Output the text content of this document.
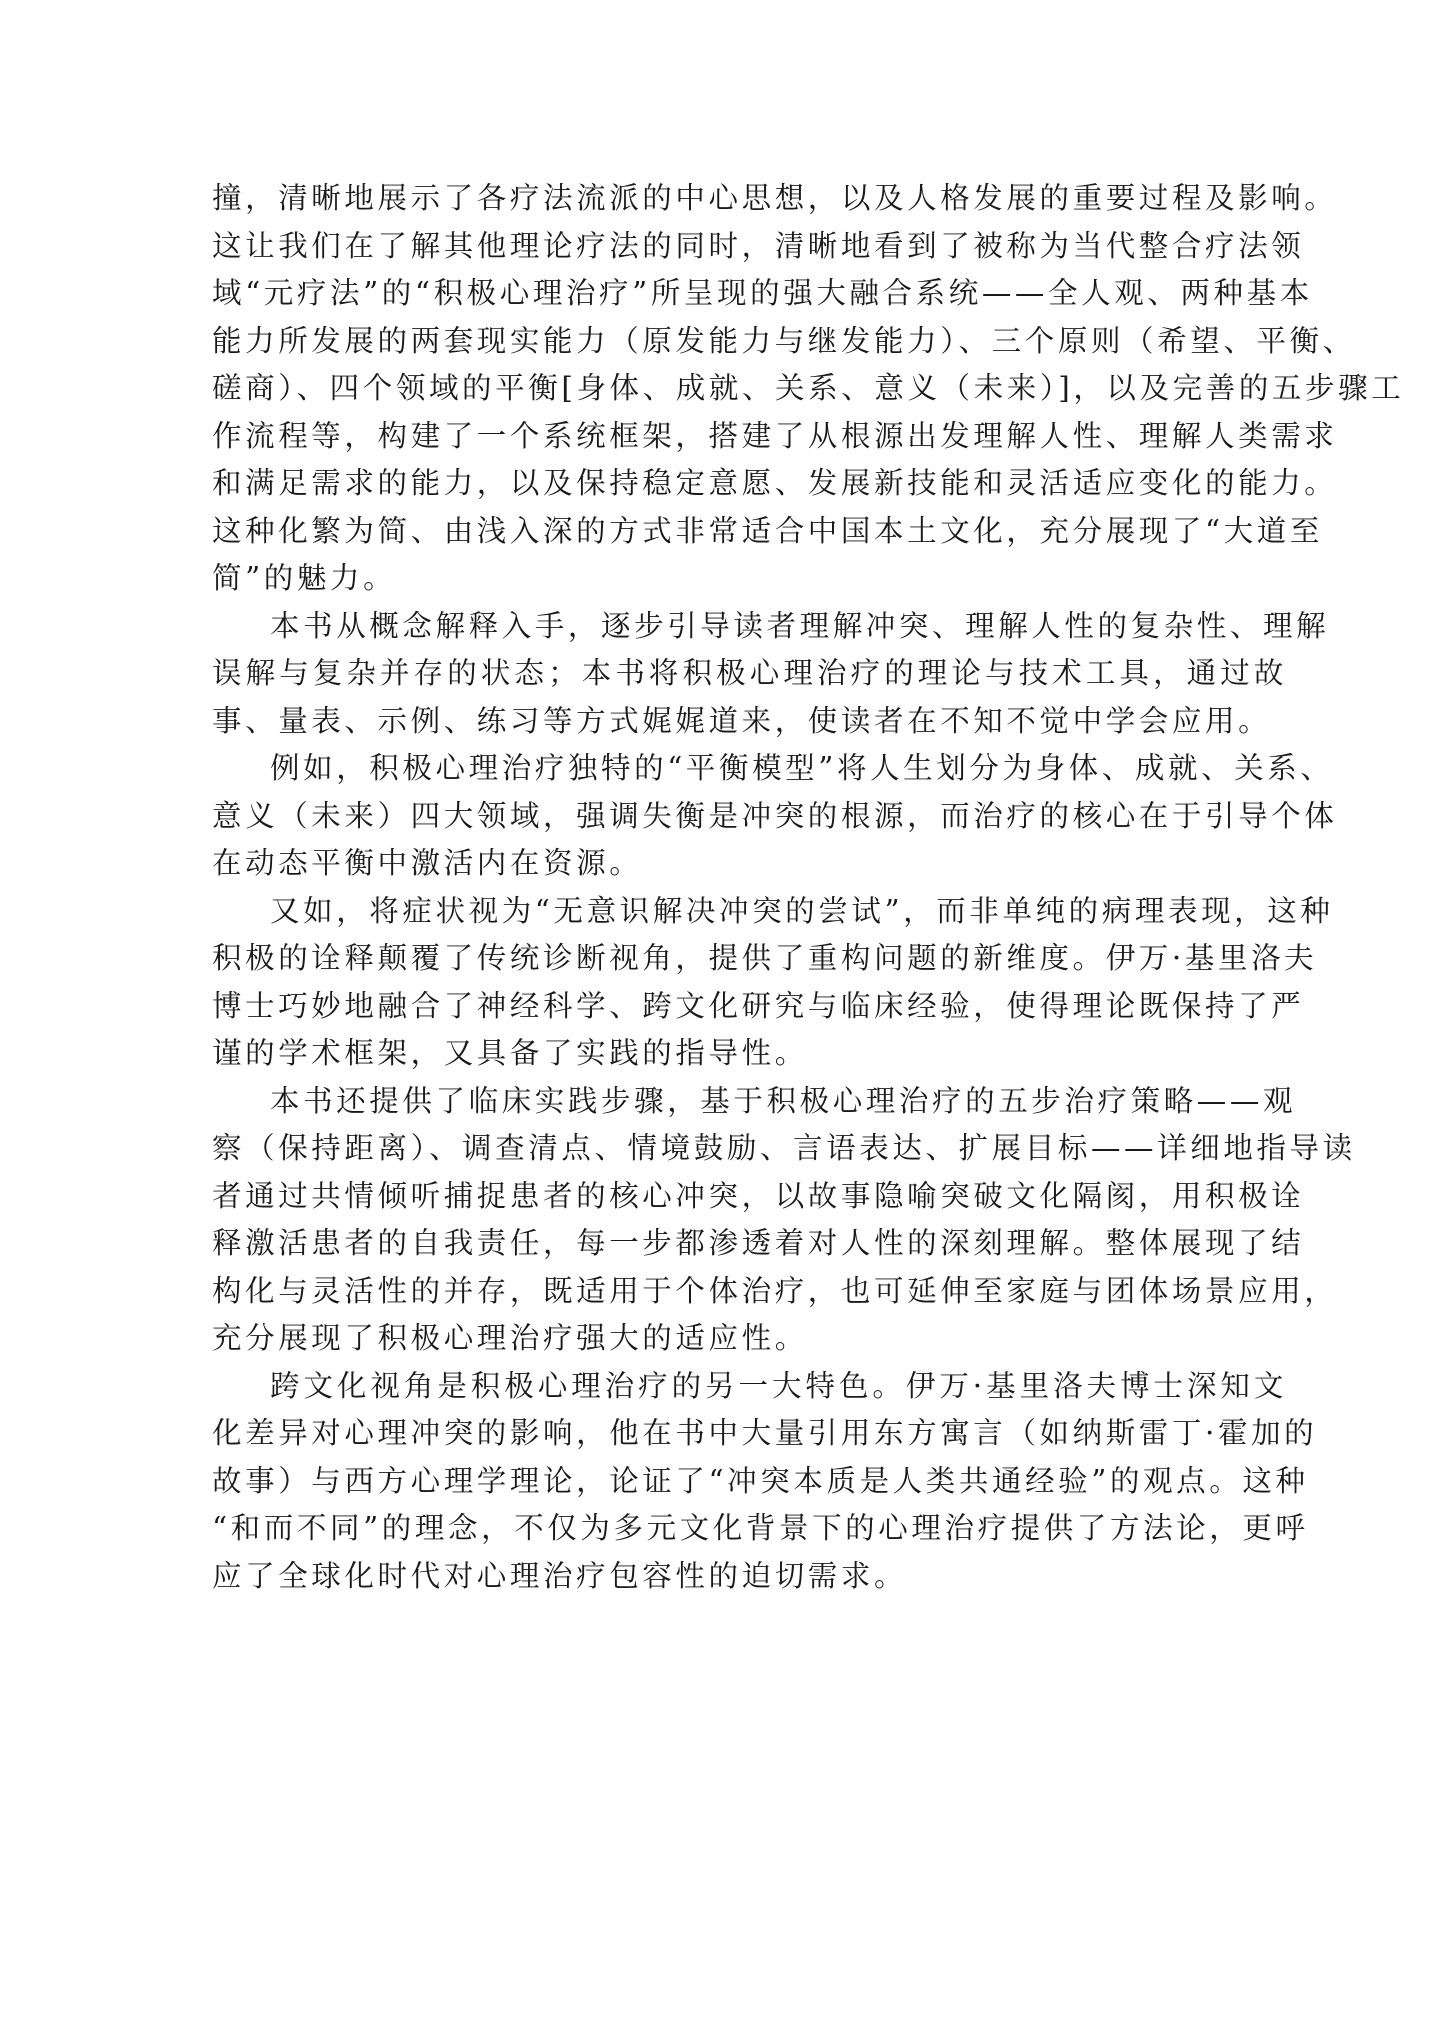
撞，清晰地展示了各疗法流派的中心思想，以及人格发展的重要过程及影响。
这让我们在了解其他理论疗法的同时，清晰地看到了被称为当代整合疗法领
域“元疗法”的“积极心理治疗”所呈现的强大融合系统——全人观、两种基本
能力所发展的两套现实能力（原发能力与继发能力）、三个原则（希望、平衡、
磋商）、四个领域的平衡[身体、成就、关系、意义（未来）]，以及完善的五步骤工
作流程等，构建了一个系统框架，搭建了从根源出发理解人性、理解人类需求
和满足需求的能力，以及保持稳定意愿、发展新技能和灵活适应变化的能力。
这种化繁为简、由浅入深的方式非常适合中国本土文化，充分展现了“大道至
简”的魅力。
本书从概念解释入手，逐步引导读者理解冲突、理解人性的复杂性、理解
误解与复杂并存的状态；本书将积极心理治疗的理论与技术工具，通过故
事、量表、示例、练习等方式娓娓道来，使读者在不知不觉中学会应用。
例如，积极心理治疗独特的“平衡模型”将人生划分为身体、成就、关系、
意义（未来）四大领域，强调失衡是冲突的根源，而治疗的核心在于引导个体
在动态平衡中激活内在资源。
又如，将症状视为“无意识解决冲突的尝试”，而非单纯的病理表现，这种
积极的诠释颠覆了传统诊断视角，提供了重构问题的新维度。伊万·基里洛夫
博士巧妙地融合了神经科学、跨文化研究与临床经验，使得理论既保持了严
谨的学术框架，又具备了实践的指导性。
本书还提供了临床实践步骤，基于积极心理治疗的五步治疗策略——观
察（保持距离）、调查清点、情境鼓励、言语表达、扩展目标——详细地指导读
者通过共情倾听捕捉患者的核心冲突，以故事隐喻突破文化隔阂，用积极诠
释激活患者的自我责任，每一步都渗透着对人性的深刻理解。整体展现了结
构化与灵活性的并存，既适用于个体治疗，也可延伸至家庭与团体场景应用，
充分展现了积极心理治疗强大的适应性。
跨文化视角是积极心理治疗的另一大特色。伊万·基里洛夫博士深知文
化差异对心理冲突的影响，他在书中大量引用东方寓言（如纳斯雷丁·霍加的
故事）与西方心理学理论，论证了“冲突本质是人类共通经验”的观点。这种
“和而不同”的理念，不仅为多元文化背景下的心理治疗提供了方法论，更呼
应了全球化时代对心理治疗包容性的迫切需求。
